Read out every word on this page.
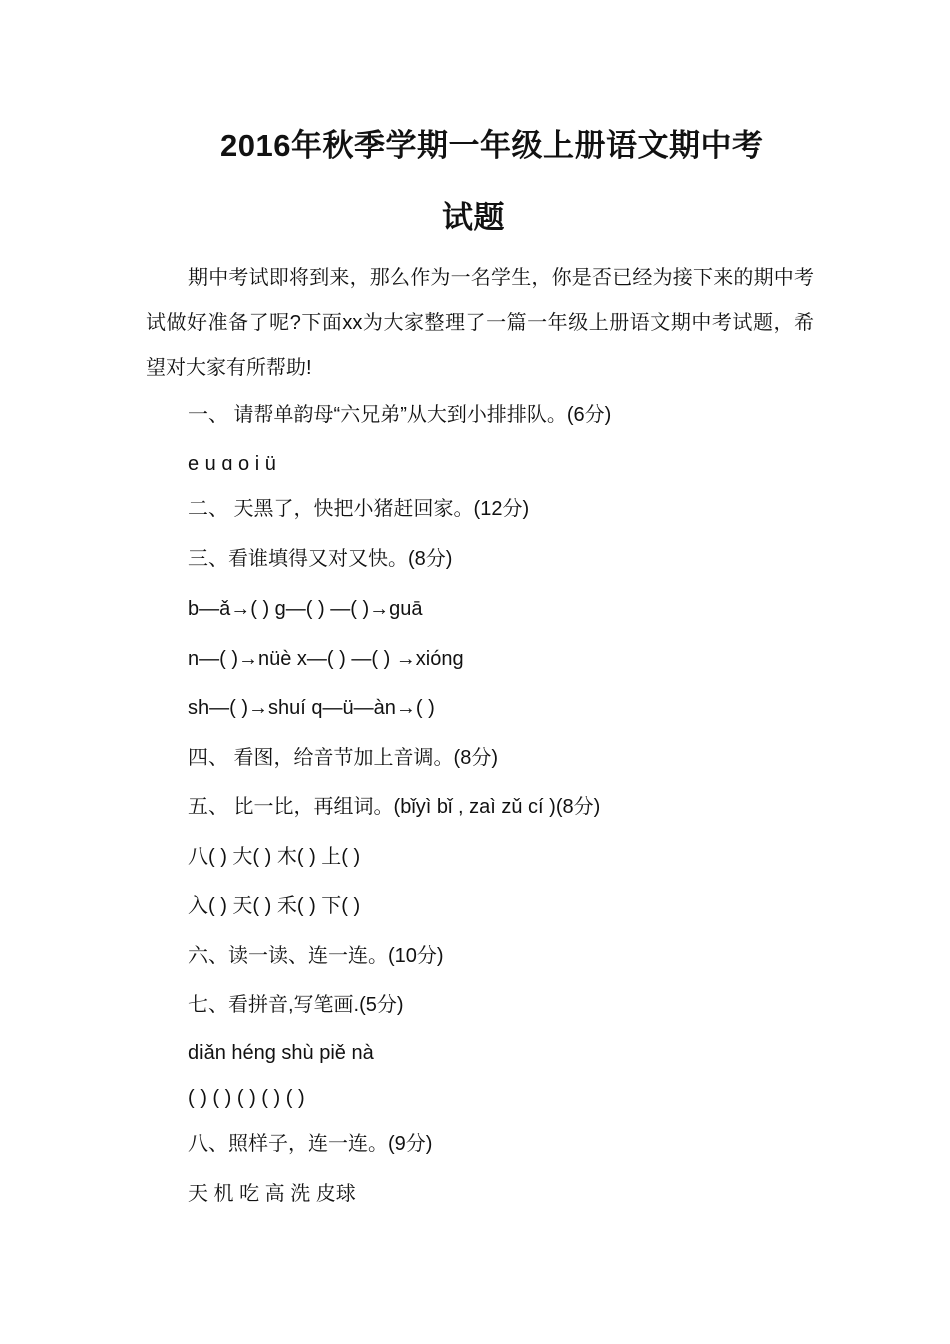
2016年秋季学期一年级上册语文期中考
试题
期中考试即将到来，那么作为一名学生，你是否已经为接下来的期中考试做好准备了呢?下面xx为大家整理了一篇一年级上册语文期中考试题，希望对大家有所帮助!
一、 请帮单韵母“六兄弟”从大到小排排队。(6分)
e u ɑ o i ü
二、 天黑了，快把小猪赶回家。(12分)
三、看谁填得又对又快。(8分)
b—ǎ→( ) g—( ) —( )→guā
n—( )→nüè x—( ) —( ) →xióng
sh—( )→shuí q—ü—àn→( )
四、 看图，给音节加上音调。(8分)
五、 比一比，再组词。(bǐyì bǐ , zaì zǔ cí )(8分)
八( ) 大( ) 木( ) 上( )
入( ) 天( ) 禾( ) 下( )
六、读一读、连一连。(10分)
七、看拼音,写笔画.(5分)
diǎn héng shù piě nà
( ) ( ) ( ) ( ) ( )
八、照样子，连一连。(9分)
天 机 吃 高 洗 皮球
